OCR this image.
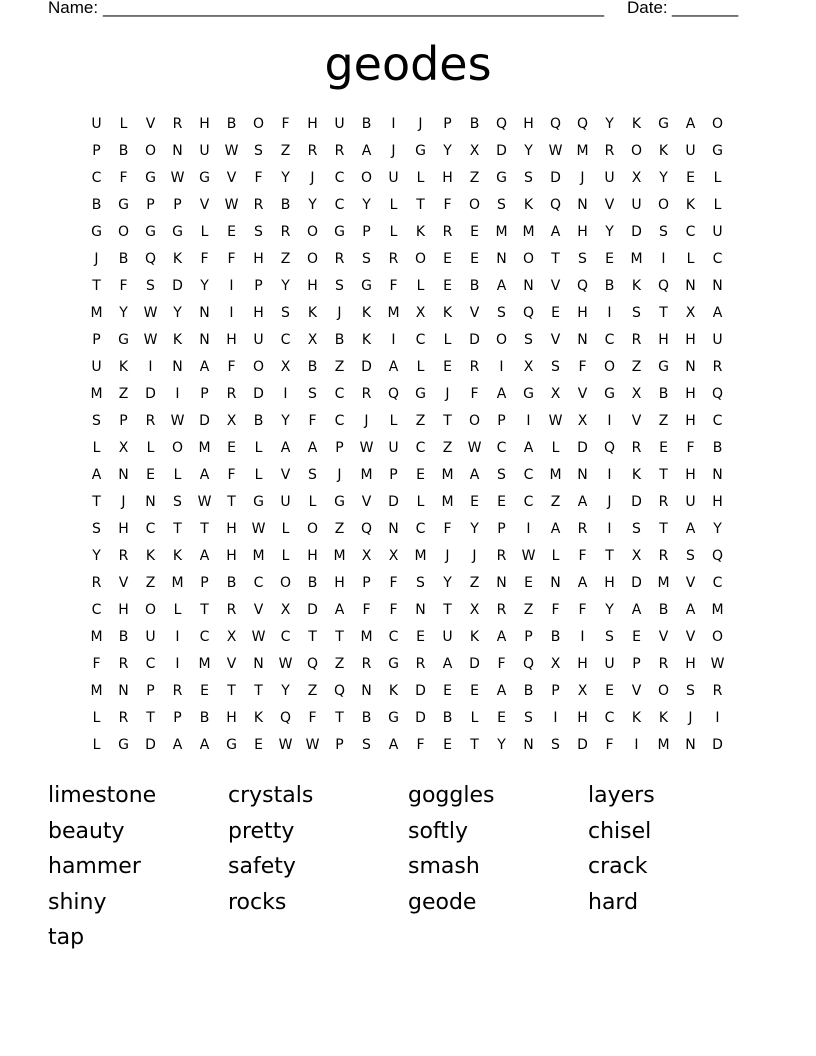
Name: _____________________________________________________ Date: _______
geodes
U	L	V	R	H	B	O	F	H	U	B	I	J	P	B	Q	H	Q	Q	Y	K	G	A	O
P	B	O	N	U	W	S	Z	R	R	A	J	G	Y	X	D	Y	W	M	R	O	K	U	G
C	F	G	W	G	V	F	Y	J	C	O	U	L	H	Z	G	S	D	J	U	X	Y	E	L
B	G	P	P	V	W	R	B	Y	C	Y	L	T	F	O	S	K	Q	N	V	U	O	K	L
G	O	G	G	L	E	S	R	O	G	P	L	K	R	E	M	M	A	H	Y	D	S	C	U
J	B	Q	K	F	F	H	Z	O	R	S	R	O	E	E	N	O	T	S	E	M	I	L	C
T	F	S	D	Y	I	P	Y	H	S	G	F	L	E	B	A	N	V	Q	B	K	Q	N	N
M	Y	W	Y	N	I	H	S	K	J	K	M	X	K	V	S	Q	E	H	I	S	T	X	A
P	G	W	K	N	H	U	C	X	B	K	I	C	L	D	O	S	V	N	C	R	H	H	U
U	K	I	N	A	F	O	X	B	Z	D	A	L	E	R	I	X	S	F	O	Z	G	N	R
M	Z	D	I	P	R	D	I	S	C	R	Q	G	J	F	A	G	X	V	G	X	B	H	Q
S	P	R	W	D	X	B	Y	F	C	J	L	Z	T	O	P	I	W	X	I	V	Z	H	C
L	X	L	O	M	E	L	A	A	P	W	U	C	Z	W	C	A	L	D	Q	R	E	F	B
A	N	E	L	A	F	L	V	S	J	M	P	E	M	A	S	C	M	N	I	K	T	H	N
T	J	N	S	W	T	G	U	L	G	V	D	L	M	E	E	C	Z	A	J	D	R	U	H
S	H	C	T	T	H	W	L	O	Z	Q	N	C	F	Y	P	I	A	R	I	S	T	A	Y
Y	R	K	K	A	H	M	L	H	M	X	X	M	J	J	R	W	L	F	T	X	R	S	Q
R	V	Z	M	P	B	C	O	B	H	P	F	S	Y	Z	N	E	N	A	H	D	M	V	C
C	H	O	L	T	R	V	X	D	A	F	F	N	T	X	R	Z	F	F	Y	A	B	A	M
M	B	U	I	C	X	W	C	T	T	M	C	E	U	K	A	P	B	I	S	E	V	V	O
F	R	C	I	M	V	N	W	Q	Z	R	G	R	A	D	F	Q	X	H	U	P	R	H	W
M	N	P	R	E	T	T	Y	Z	Q	N	K	D	E	E	A	B	P	X	E	V	O	S	R
L	R	T	P	B	H	K	Q	F	T	B	G	D	B	L	E	S	I	H	C	K	K	J	I
L	G	D	A	A	G	E	W W	P	S	A	F	E	T	Y	N	S	D	F	I	M	N	D
limestone	crystals	goggles	layers
beauty	pretty	softly	chisel
hammer	safety	smash	crack
shiny	rocks	geode	hard
tap
